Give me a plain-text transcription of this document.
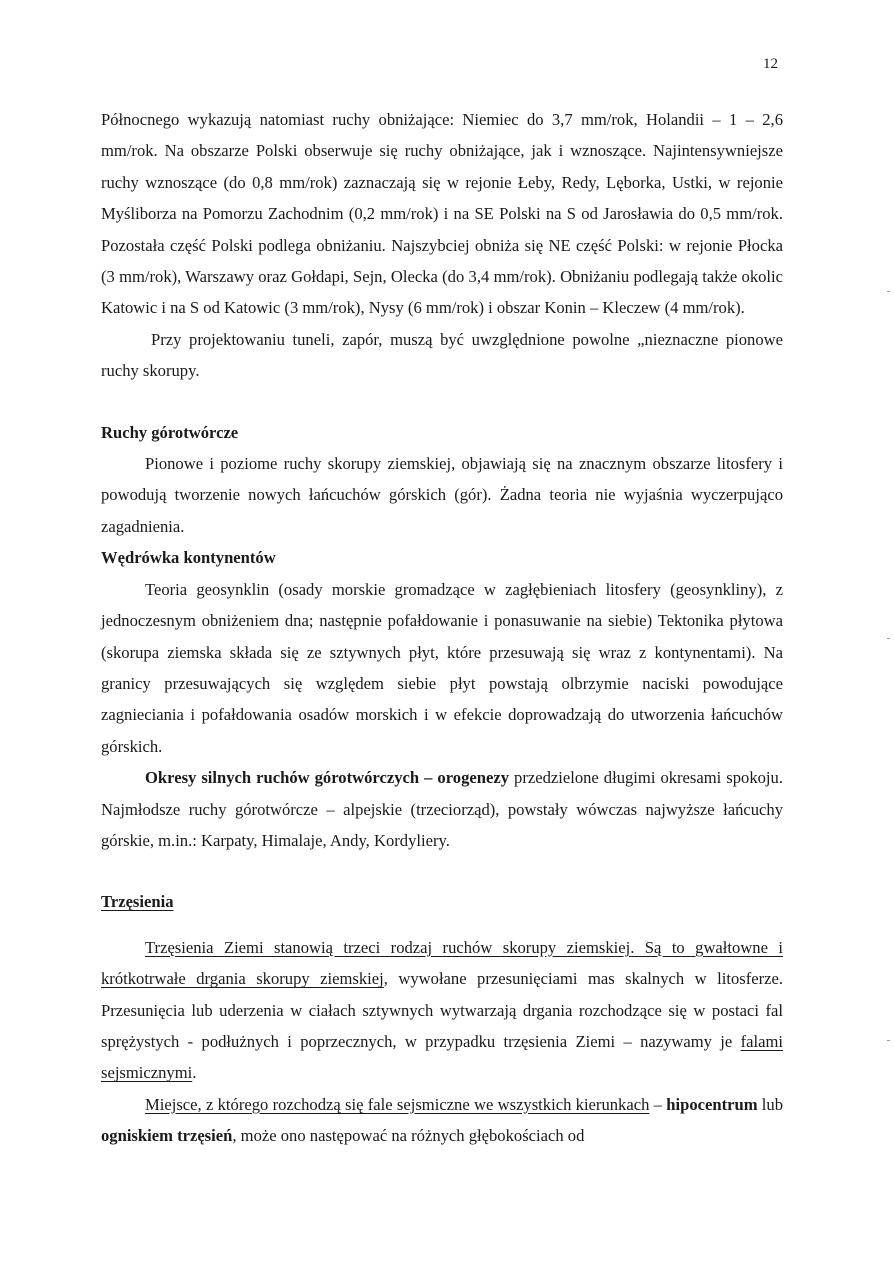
12

Północnego wykazują natomiast ruchy obniżające: Niemiec do 3,7 mm/rok, Holandii – 1 – 2,6 mm/rok. Na obszarze Polski obserwuje się ruchy obniżające, jak i wznoszące. Najintensywniejsze ruchy wznoszące (do 0,8 mm/rok) zaznaczają się w rejonie Łeby, Redy, Lęborka, Ustki, w rejonie Myśliborza na Pomorzu Zachodnim (0,2 mm/rok) i na SE Polski na S od Jarosławia do 0,5 mm/rok. Pozostała część Polski podlega obniżaniu. Najszybciej obniża się NE część Polski: w rejonie Płocka (3 mm/rok), Warszawy oraz Gołdapi, Sejn, Olecka (do 3,4 mm/rok). Obniżaniu podlegają także okolic Katowic i na S od Katowic (3 mm/rok), Nysy (6 mm/rok) i obszar Konin – Kleczew (4 mm/rok).

Przy projektowaniu tuneli, zapór, muszą być uwzględnione powolne „nieznaczne pionowe ruchy skorupy.

Ruchy górotwórcze

Pionowe i poziome ruchy skorupy ziemskiej, objawiają się na znacznym obszarze litosfery i powodują tworzenie nowych łańcuchów górskich (gór). Żadna teoria nie wyjaśnia wyczerpująco zagadnienia.

Wędrówka kontynentów

Teoria geosynklin (osady morskie gromadzące w zagłębieniach litosfery (geosynkliny), z jednoczesnym obniżeniem dna; następnie pofałdowanie i ponasuwanie na siebie) Tektonika płytowa (skorupa ziemska składa się ze sztywnych płyt, które przesuwają się wraz z kontynentami). Na granicy przesuwających się względem siebie płyt powstają olbrzymie naciski powodujące zagnieciania i pofałdowania osadów morskich i w efekcie doprowadzają do utworzenia łańcuchów górskich.

Okresy silnych ruchów górotwórczych – orogenezy przedzielone długimi okresami spokoju. Najmłodsze ruchy górotwórcze – alpejskie (trzeciorząd), powstały wówczas najwyższe łańcuchy górskie, m.in.: Karpaty, Himalaje, Andy, Kordyliery.

Trzęsienia

Trzęsienia Ziemi stanowią trzeci rodzaj ruchów skorupy ziemskiej. Są to gwałtowne i krótkotrwałe drgania skorupy ziemskiej, wywołane przesunięciami mas skalnych w litosferze. Przesunięcia lub uderzenia w ciałach sztywnych wytwarzają drgania rozchodzące się w postaci fal sprężystych - podłużnych i poprzecznych, w przypadku trzęsienia Ziemi – nazywamy je falami sejsmicznymi.

Miejsce, z którego rozchodzą się fale sejsmiczne we wszystkich kierunkach – hipocentrum lub ogniskiem trzęsień, może ono następować na różnych głębokościach od
